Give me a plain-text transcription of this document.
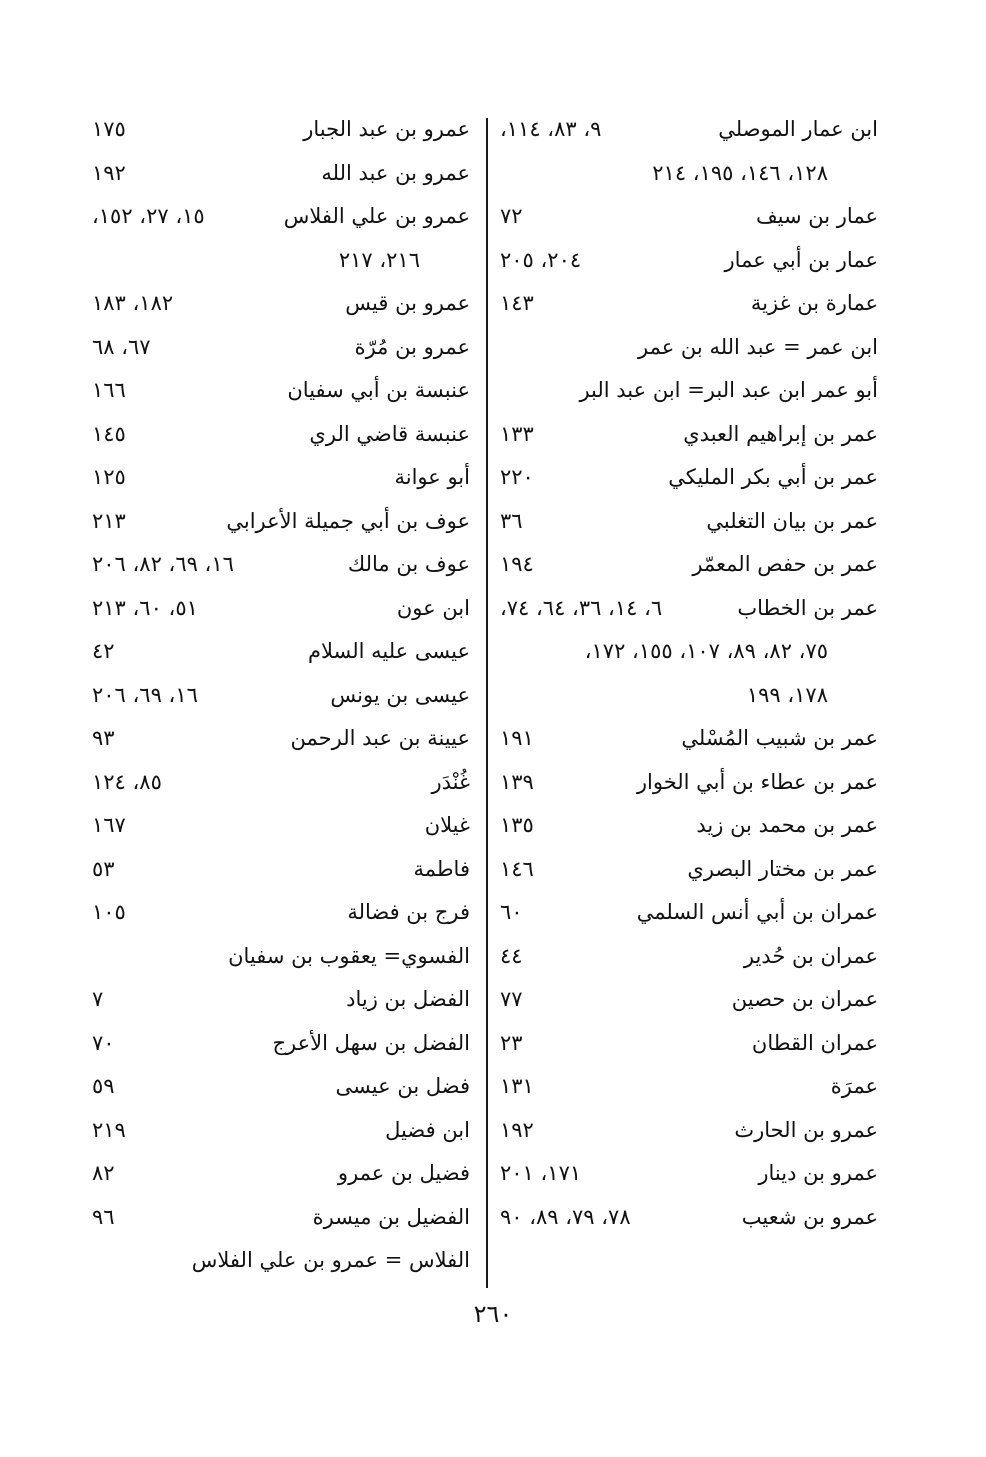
ابن عمار الموصلي
٩، ٨٣، ١١٤،
١٢٨، ١٤٦، ١٩٥، ٢١٤
عمار بن سيف
٧٢
عمار بن أبي عمار
٢٠٤، ٢٠٥
عمارة بن غزية
١٤٣
ابن عمر = عبد الله بن عمر
أبو عمر ابن عبد البر= ابن عبد البر
عمر بن إبراهيم العبدي
١٣٣
عمر بن أبي بكر المليكي
٢٢٠
عمر بن بيان التغلبي
٣٦
عمر بن حفص المعمّر
١٩٤
عمر بن الخطاب
٦، ١٤، ٣٦، ٦٤، ٧٤،
٧٥، ٨٢، ٨٩، ١٠٧، ١٥٥، ١٧٢،
١٧٨، ١٩٩
عمر بن شبيب المُسْلي
١٩١
عمر بن عطاء بن أبي الخوار
١٣٩
عمر بن محمد بن زيد
١٣٥
عمر بن مختار البصري
١٤٦
عمران بن أبي أنس السلمي
٦٠
عمران بن حُدير
٤٤
عمران بن حصين
٧٧
عمران القطان
٢٣
عمرَة
١٣١
عمرو بن الحارث
١٩٢
عمرو بن دينار
١٧١، ٢٠١
عمرو بن شعيب
٧٨، ٧٩، ٨٩، ٩٠
عمرو بن عبد الجبار
١٧٥
عمرو بن عبد الله
١٩٢
عمرو بن علي الفلاس
١٥، ٢٧، ١٥٢،
٢١٦، ٢١٧
عمرو بن قيس
١٨٢، ١٨٣
عمرو بن مُرّة
٦٧، ٦٨
عنبسة بن أبي سفيان
١٦٦
عنبسة قاضي الري
١٤٥
أبو عوانة
١٢٥
عوف بن أبي جميلة الأعرابي
٢١٣
عوف بن مالك
١٦، ٦٩، ٨٢، ٢٠٦
ابن عون
٥١، ٦٠، ٢١٣
عيسى عليه السلام
٤٢
عيسى بن يونس
١٦، ٦٩، ٢٠٦
عيينة بن عبد الرحمن
٩٣
غُنْدَر
٨٥، ١٢٤
غيلان
١٦٧
فاطمة
٥٣
فرج بن فضالة
١٠٥
الفسوي= يعقوب بن سفيان
الفضل بن زياد
٧
الفضل بن سهل الأعرج
٧٠
فضل بن عيسى
٥٩
ابن فضيل
٢١٩
فضيل بن عمرو
٨٢
الفضيل بن ميسرة
٩٦
الفلاس = عمرو بن علي الفلاس
٢٦٠
